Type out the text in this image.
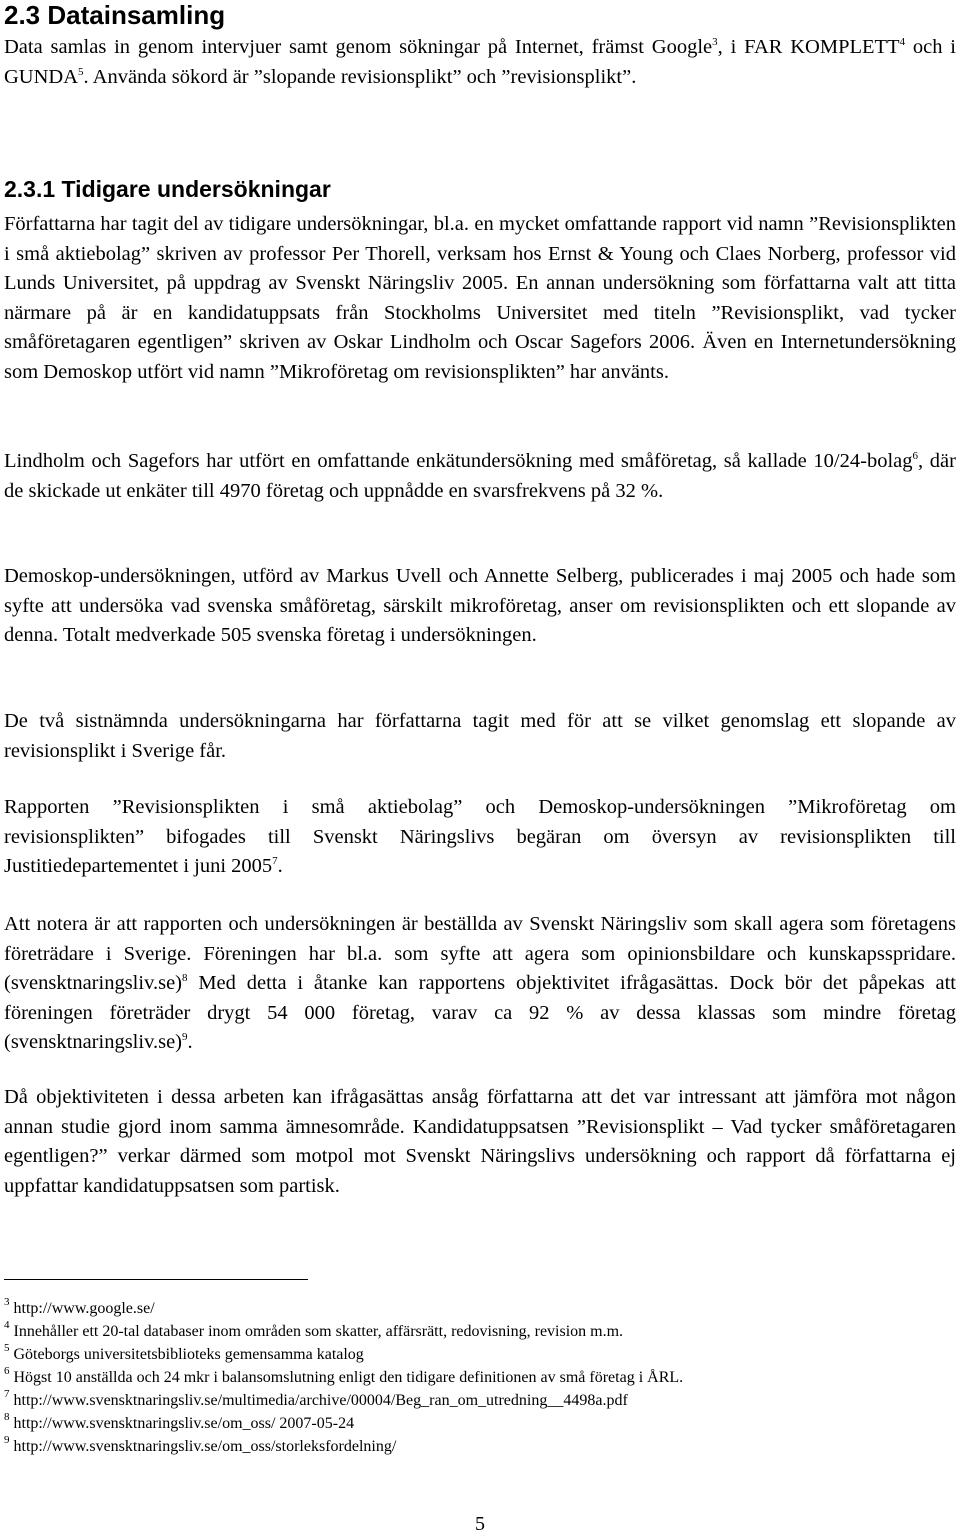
2.3 Datainsamling

Data samlas in genom intervjuer samt genom sökningar på Internet, främst Google$^3$, i FAR KOMPLETT$^4$ och i GUNDA$^5$. Använda sökord är ”slopande revisionsplikt” och ”revisionsplikt”.

2.3.1 Tidigare undersökningar

Författarna har tagit del av tidigare undersökningar, bl.a. en mycket omfattande rapport vid namn ”Revisionsplikten i små aktiebolag” skriven av professor Per Thorell, verksam hos Ernst & Young och Claes Norberg, professor vid Lunds Universitet, på uppdrag av Svenskt Näringsliv 2005. En annan undersökning som författarna valt att titta närmare på är en kandidatuppsats från Stockholms Universitet med titeln ”Revisionsplikt, vad tycker småföretagaren egentligen” skriven av Oskar Lindholm och Oscar Sagefors 2006. Även en Internetundersökning som Demoskop utfört vid namn ”Mikroföretag om revisionsplikten” har använts.

Lindholm och Sagefors har utfört en omfattande enkätundersökning med småföretag, så kallade 10/24-bolag$^6$, där de skickade ut enkäter till 4970 företag och uppnådde en svarsfrekvens på 32 %.

Demoskop-undersökningen, utförd av Markus Uvell och Annette Selberg, publicerades i maj 2005 och hade som syfte att undersöka vad svenska småföretag, särskilt mikroföretag, anser om revisionsplikten och ett slopande av denna. Totalt medverkade 505 svenska företag i undersökningen.

De två sistnämnda undersökningarna har författarna tagit med för att se vilket genomslag ett slopande av revisionsplikt i Sverige får.

Rapporten ”Revisionsplikten i små aktiebolag” och Demoskop-undersökningen ”Mikroföretag om revisionsplikten” bifogades till Svenskt Näringslivs begäran om översyn av revisionsplikten till Justitiedepartementet i juni 2005$^7$.

Att notera är att rapporten och undersökningen är beställda av Svenskt Näringsliv som skall agera som företagens företrädare i Sverige. Föreningen har bl.a. som syfte att agera som opinionsbildare och kunskapsspridare. (svensktnaringsliv.se)$^8$ Med detta i åtanke kan rapportens objektivitet ifrågasättas. Dock bör det påpekas att föreningen företräder drygt 54 000 företag, varav ca 92 % av dessa klassas som mindre företag (svensktnaringsliv.se)$^9$.

Då objektiviteten i dessa arbeten kan ifrågasättas ansåg författarna att det var intressant att jämföra mot någon annan studie gjord inom samma ämnesområde. Kandidatuppsatsen ”Revisionsplikt – Vad tycker småföretagaren egentligen?” verkar därmed som motpol mot Svenskt Näringslivs undersökning och rapport då författarna ej uppfattar kandidatuppsatsen som partisk.

$^3$ http://www.google.se/
$^4$ Innehåller ett 20-tal databaser inom områden som skatter, affärsrätt, redovisning, revision m.m.
$^5$ Göteborgs universitetsbiblioteks gemensamma katalog
$^6$ Högst 10 anställda och 24 mkr i balansomslutning enligt den tidigare definitionen av små företag i ÅRL.
$^7$ http://www.svensktnaringsliv.se/multimedia/archive/00004/Beg_ran_om_utredning__4498a.pdf
$^8$ http://www.svensktnaringsliv.se/om_oss/ 2007-05-24
$^9$ http://www.svensktnaringsliv.se/om_oss/storleksfordelning/
5
